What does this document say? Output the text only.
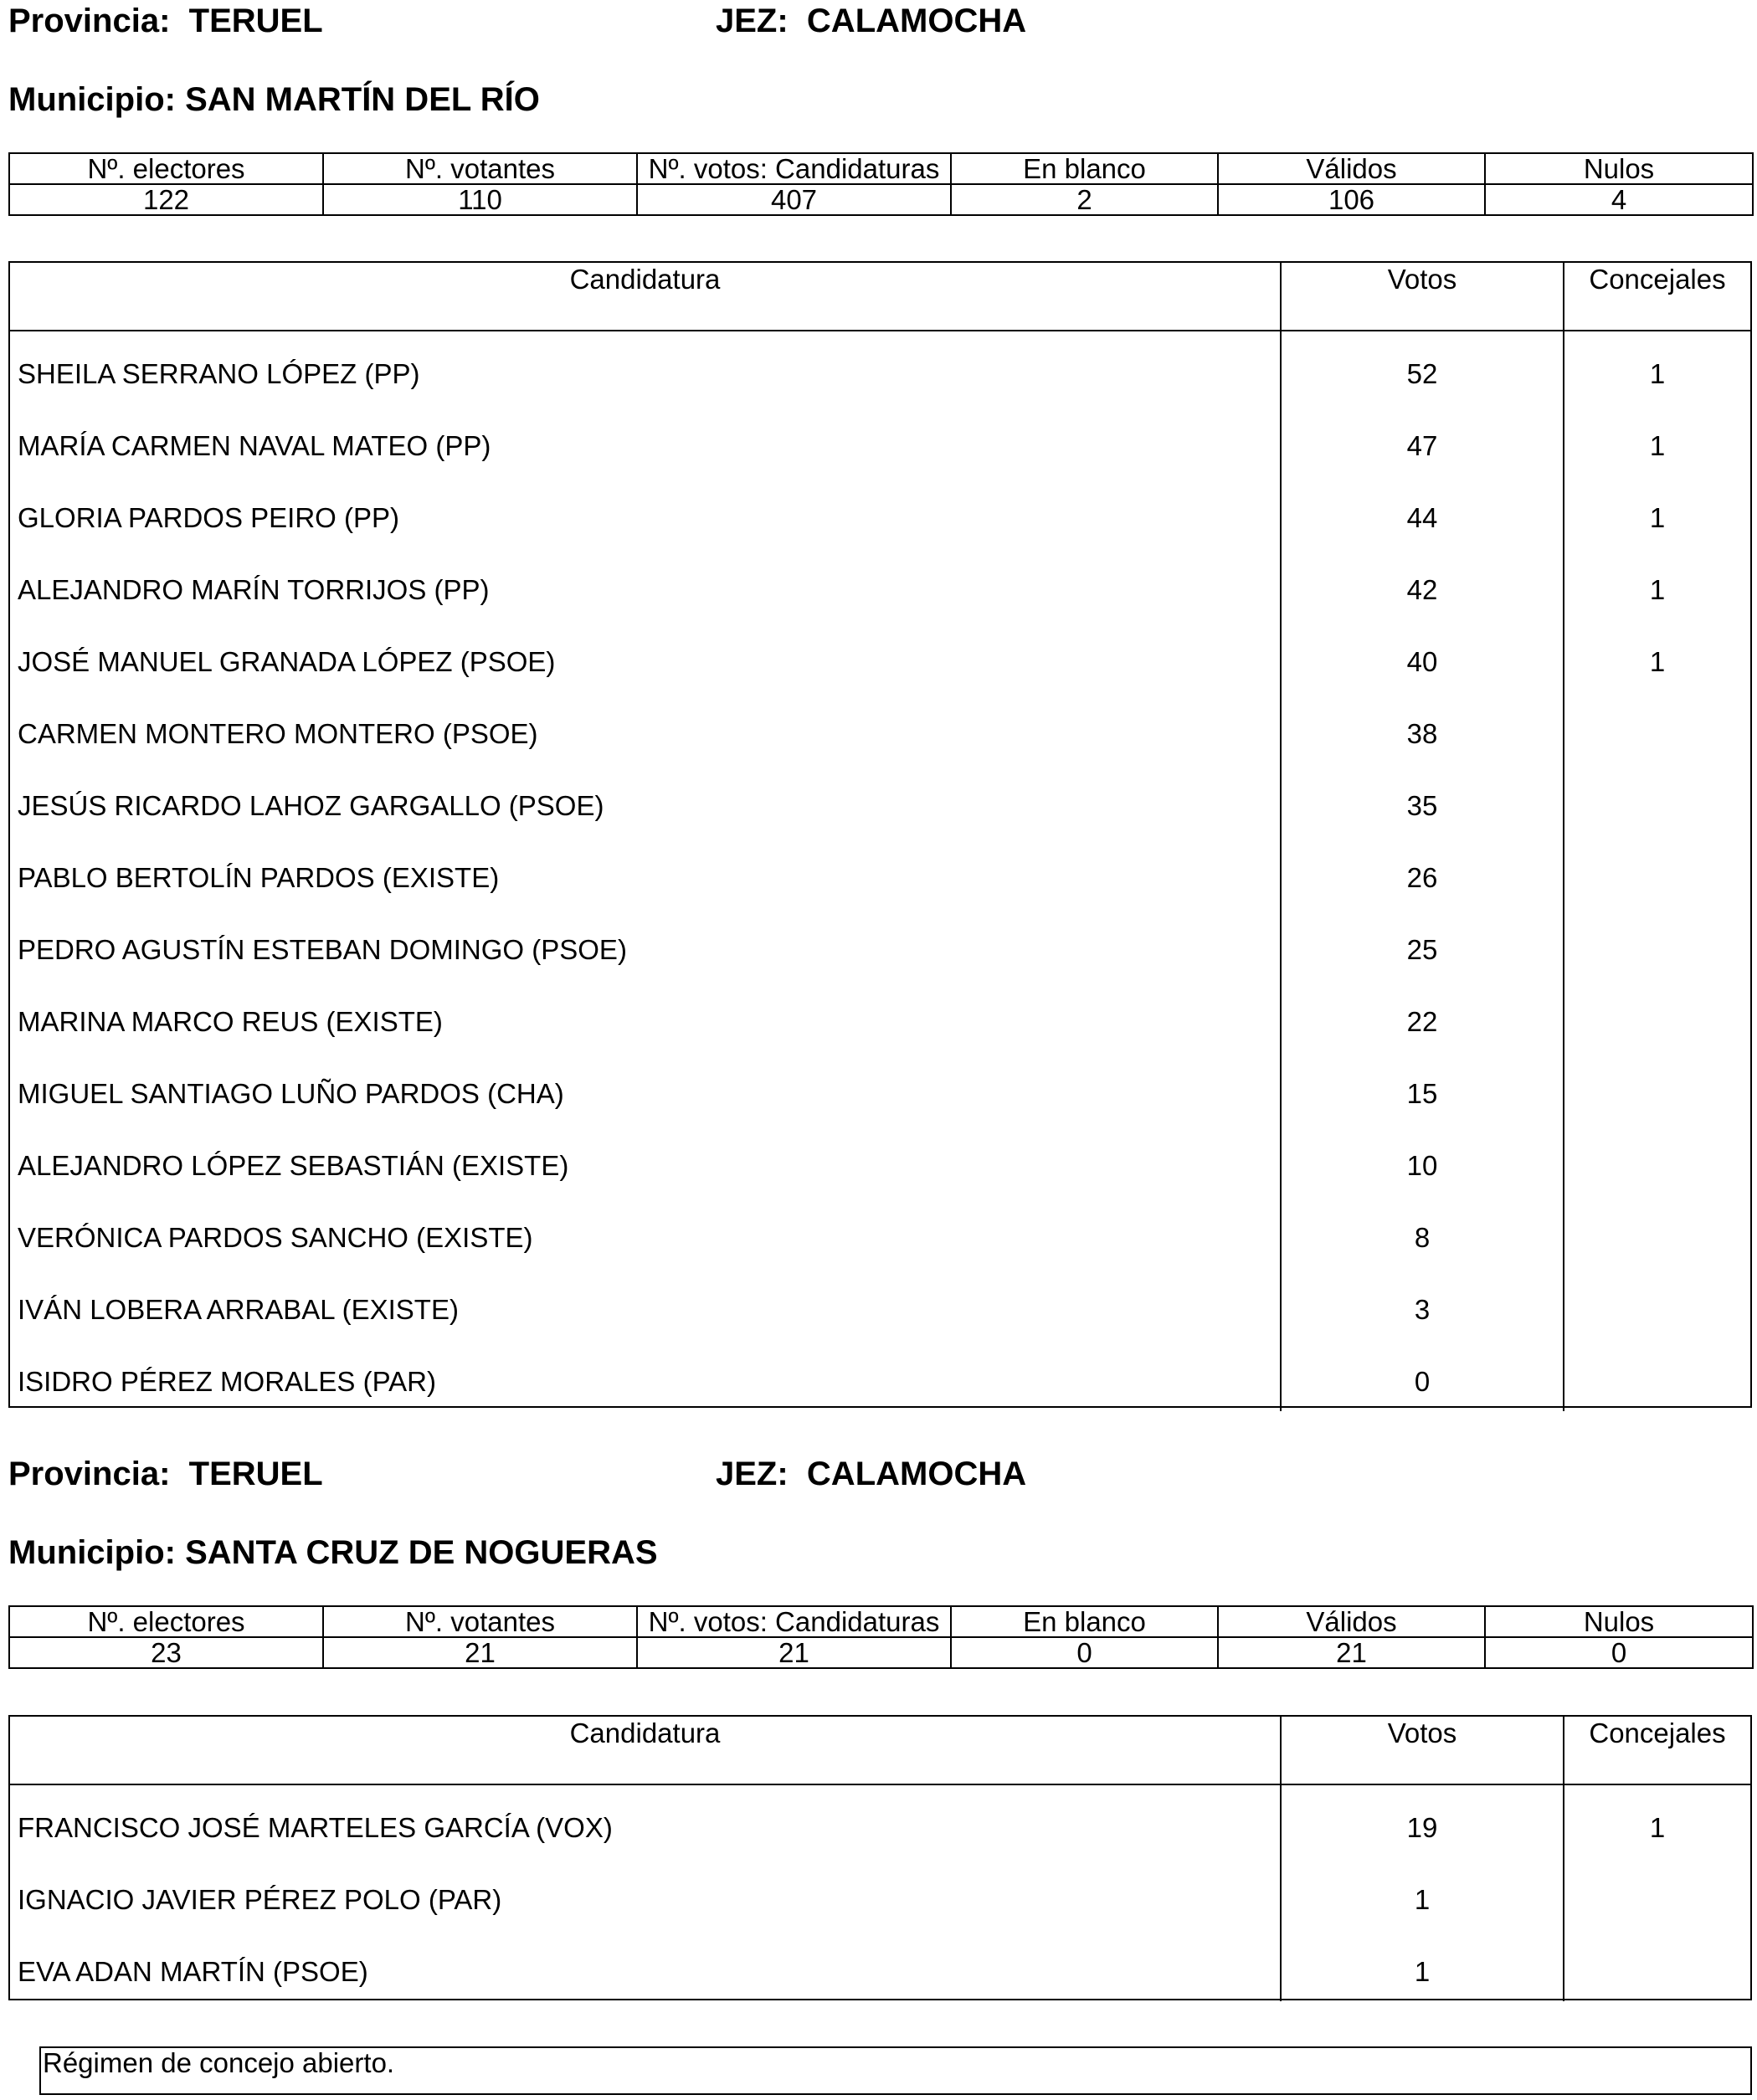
Provincia: TERUEL	JEZ: CALAMOCHA
Municipio: SAN MARTÍN DEL RÍO
Nº. electores	Nº. votantes	Nº. votos: Candidaturas	En blanco	Válidos	Nulos
122	110	407	2	106	4
Candidatura	Votos	Concejales
SHEILA SERRANO LÓPEZ (PP)	52	1
MARÍA CARMEN NAVAL MATEO (PP)	47	1
GLORIA PARDOS PEIRO (PP)	44	1
ALEJANDRO MARÍN TORRIJOS (PP)	42	1
JOSÉ MANUEL GRANADA LÓPEZ (PSOE)	40	1
CARMEN MONTERO MONTERO (PSOE)	38
JESÚS RICARDO LAHOZ GARGALLO (PSOE)	35
PABLO BERTOLÍN PARDOS (EXISTE)	26
PEDRO AGUSTÍN ESTEBAN DOMINGO (PSOE)	25
MARINA MARCO REUS (EXISTE)	22
MIGUEL SANTIAGO LUÑO PARDOS (CHA)	15
ALEJANDRO LÓPEZ SEBASTIÁN (EXISTE)	10
VERÓNICA PARDOS SANCHO (EXISTE)	8
IVÁN LOBERA ARRABAL (EXISTE)	3
ISIDRO PÉREZ MORALES (PAR)	0
Provincia: TERUEL	JEZ: CALAMOCHA
Municipio: SANTA CRUZ DE NOGUERAS
Nº. electores	Nº. votantes	Nº. votos: Candidaturas	En blanco	Válidos	Nulos
23	21	21	0	21	0
Candidatura	Votos	Concejales
FRANCISCO JOSÉ MARTELES GARCÍA (VOX)	19	1
IGNACIO JAVIER PÉREZ POLO (PAR)	1
EVA ADAN MARTÍN (PSOE)	1
Régimen de concejo abierto.
